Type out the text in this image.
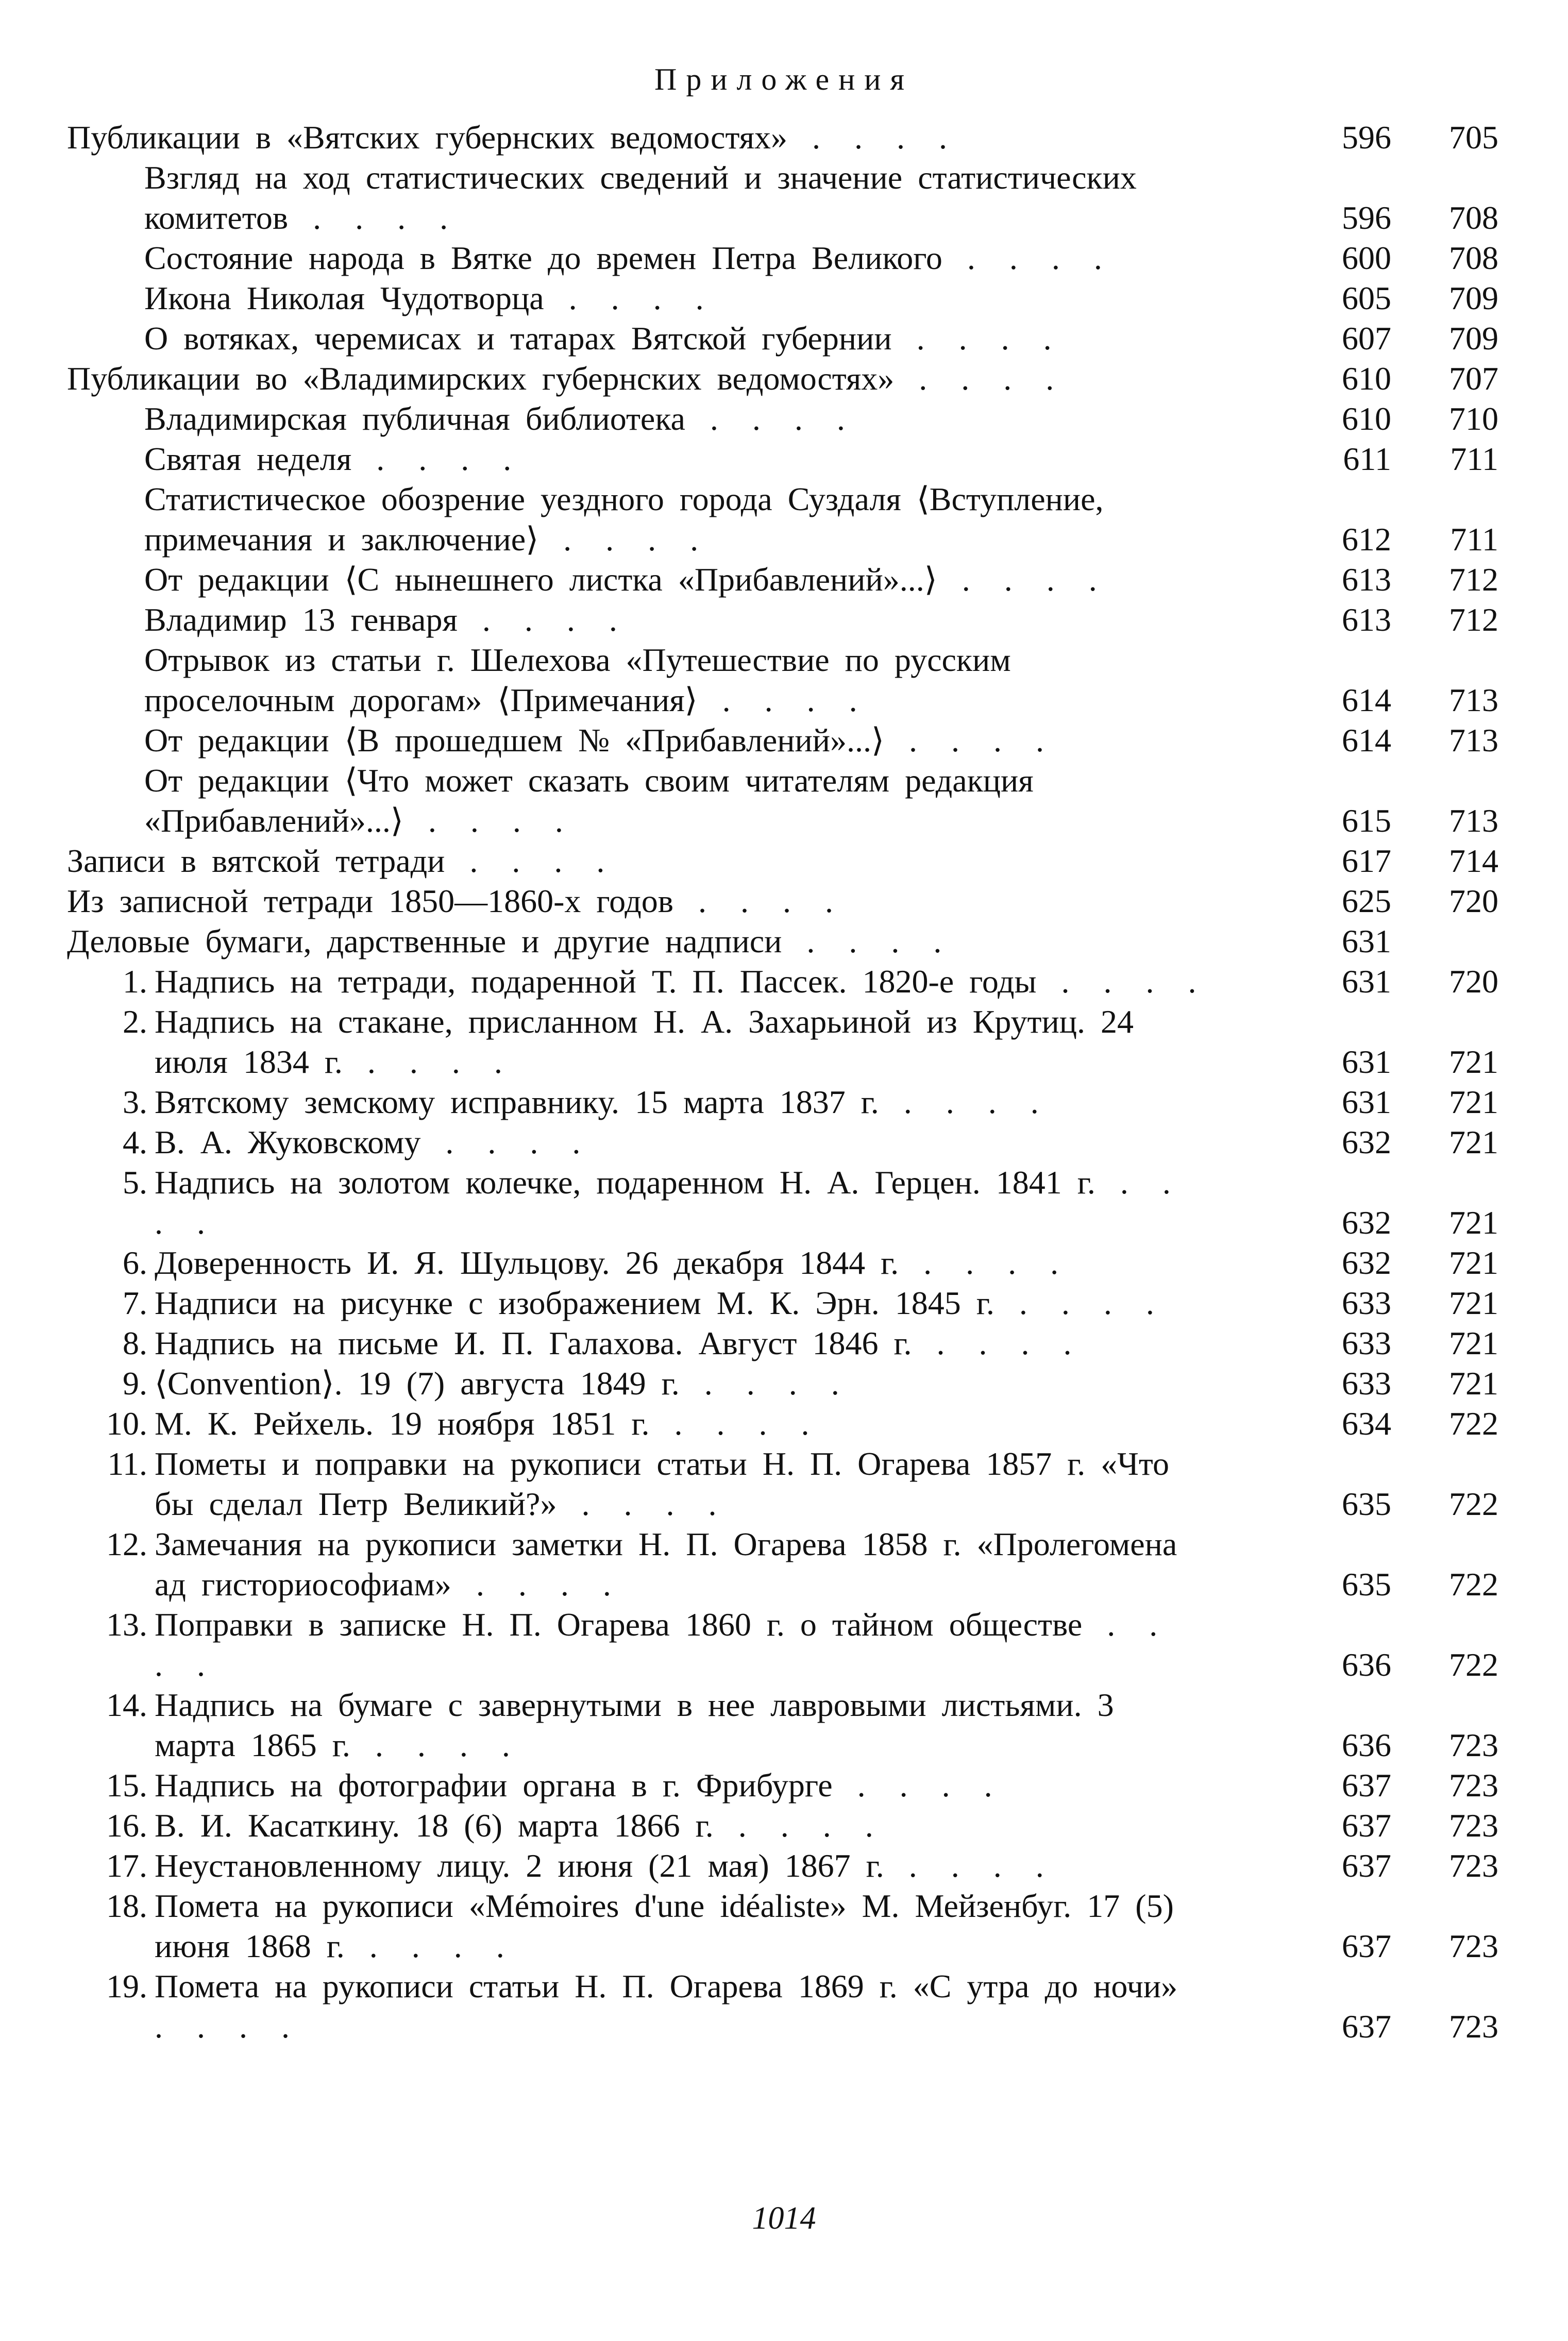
Приложения
Публикации в «Вятских губернских ведомостях» . . . .	596	705
Взгляд на ход статистических сведений и значение статистических комитетов . . . .	596	708
Состояние народа в Вятке до времен Петра Великого . . . .	600	708
Икона Николая Чудотворца . . . .	605	709
О вотяках, черемисах и татарах Вятской губернии . . . .	607	709
Публикации во «Владимирских губернских ведомостях» . . . .	610	707
Владимирская публичная библиотека . . . .	610	710
Святая неделя . . . .	611	711
Статистическое обозрение уездного города Суздаля ⟨Вступление, примечания и заключение⟩ . . . .	612	711
От редакции ⟨С нынешнего листка «Прибавлений»...⟩ . . . .	613	712
Владимир 13 генваря . . . .	613	712
Отрывок из статьи г. Шелехова «Путешествие по русским проселочным дорогам» ⟨Примечания⟩ . . . .	614	713
От редакции ⟨В прошедшем № «Прибавлений»...⟩ . . . .	614	713
От редакции ⟨Что может сказать своим читателям редакция «Прибавлений»...⟩ . . . .	615	713
Записи в вятской тетради . . . .	617	714
Из записной тетради 1850—1860-х годов . . . .	625	720
Деловые бумаги, дарственные и другие надписи . . . .	631
1. Надпись на тетради, подаренной Т. П. Пассек. 1820-е годы . . . .	631	720
2. Надпись на стакане, присланном Н. А. Захарьиной из Крутиц. 24 июля 1834 г. . . . .	631	721
3. Вятскому земскому исправнику. 15 марта 1837 г. . . . .	631	721
4. В. А. Жуковскому . . . .	632	721
5. Надпись на золотом колечке, подаренном Н. А. Герцен. 1841 г. . . . .	632	721
6. Доверенность И. Я. Шульцову. 26 декабря 1844 г. . . . .	632	721
7. Надписи на рисунке с изображением М. К. Эрн. 1845 г. . . . .	633	721
8. Надпись на письме И. П. Галахова. Август 1846 г. . . . .	633	721
9. ⟨Convention⟩. 19 (7) августа 1849 г. . . . .	633	721
10. М. К. Рейхель. 19 ноября 1851 г. . . . .	634	722
11. Пометы и поправки на рукописи статьи Н. П. Огарева 1857 г. «Что бы сделал Петр Великий?» . . . .	635	722
12. Замечания на рукописи заметки Н. П. Огарева 1858 г. «Пролегомена ад гисториософиам» . . . .	635	722
13. Поправки в записке Н. П. Огарева 1860 г. о тайном обществе . . . .	636	722
14. Надпись на бумаге с завернутыми в нее лавровыми листьями. 3 марта 1865 г. . . . .	636	723
15. Надпись на фотографии органа в г. Фрибурге . . . .	637	723
16. В. И. Касаткину. 18 (6) марта 1866 г. . . . .	637	723
17. Неустановленному лицу. 2 июня (21 мая) 1867 г. . . . .	637	723
18. Помета на рукописи «Mémoires d'une idéaliste» М. Мейзенбуг. 17 (5) июня 1868 г. . . . .	637	723
19. Помета на рукописи статьи Н. П. Огарева 1869 г. «С утра до ночи» . . . .	637	723
1014
